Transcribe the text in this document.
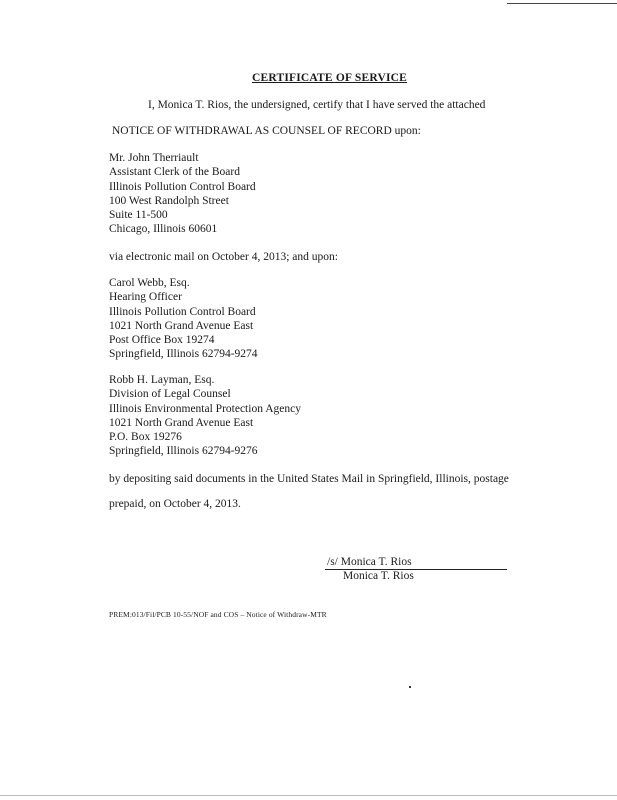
CERTIFICATE OF SERVICE
I, Monica T. Rios, the undersigned, certify that I have served the attached
NOTICE OF WITHDRAWAL AS COUNSEL OF RECORD upon:
Mr. John Therriault
Assistant Clerk of the Board
Illinois Pollution Control Board
100 West Randolph Street
Suite 11-500
Chicago, Illinois 60601
via electronic mail on October 4, 2013; and upon:
Carol Webb, Esq.
Hearing Officer
Illinois Pollution Control Board
1021 North Grand Avenue East
Post Office Box 19274
Springfield, Illinois 62794-9274
Robb H. Layman, Esq.
Division of Legal Counsel
Illinois Environmental Protection Agency
1021 North Grand Avenue East
P.O. Box 19276
Springfield, Illinois 62794-9276
by depositing said documents in the United States Mail in Springfield, Illinois, postage
prepaid, on October 4, 2013.
/s/ Monica T. Rios
Monica T. Rios
PREM:013/Fil/PCB 10-55/NOF and COS – Notice of Withdraw-MTR
